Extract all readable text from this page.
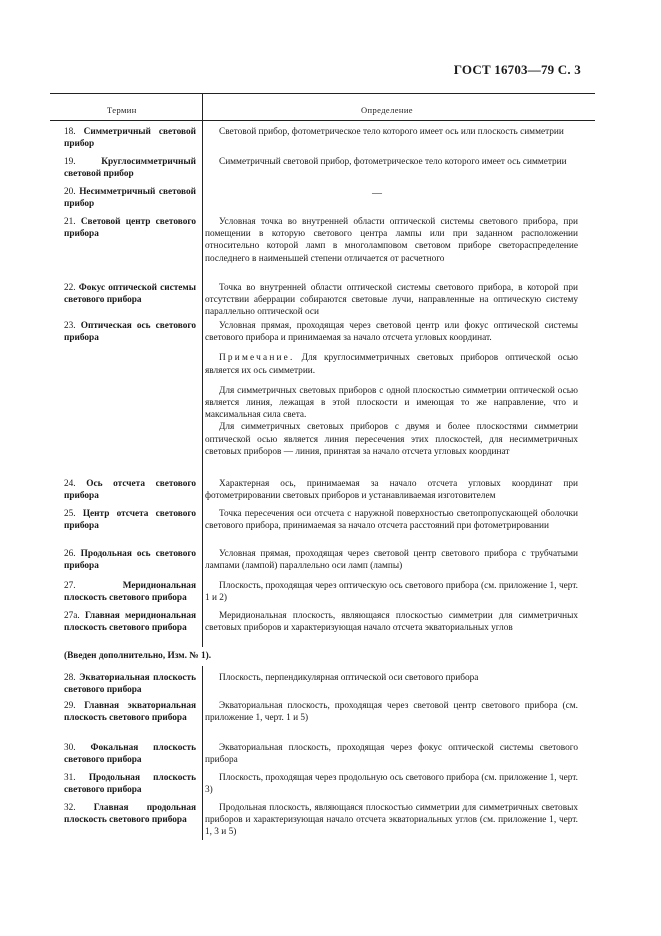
ГОСТ 16703—79 С. 3
Термин	Определение
18. Симметричный световой прибор

Световой прибор, фотометрическое тело которого имеет ось или плоскость симметрии

19.	Круглосимметричный световой прибор

Симметричный световой прибор, фотометрическое тело которого имеет ось симметрии

20. Несимметричный световой прибор
—
21. Световой центр светового прибора

Условная точка во внутренней области оптической системы светового прибора, при помещении в которую светового центра лампы или при заданном расположении относительно которой ламп в многоламповом световом приборе светораспределение последнего в наименьшей степени отличается от расчетного

22. Фокус оптической системы светового прибора

Точка во внутренней области оптической системы светового прибора, в которой при отсутствии аберрации собираются световые лучи, направленные на оптическую систему параллельно оптической оси

23. Оптическая ось светового прибора

Условная прямая, проходящая через световой центр или фокус оптической системы светового прибора и принимаемая за начало отсчета угловых координат.

Примечание. Для круглосимметричных световых приборов оптической осью является их ось симметрии.

Для симметричных световых приборов с одной плоскостью симметрии оптической осью является линия, лежащая в этой плоскости и имеющая то же направление, что и максимальная сила света.

Для симметричных световых приборов с двумя и более плоскостями симметрии оптической осью является линия пересечения этих плоскостей, для несимметричных световых приборов — линия, принятая за начало отсчета угловых координат

24. Ось отсчета светового прибора

Характерная ось, принимаемая за начало отсчета угловых координат при фотометрировании световых приборов и устанавливаемая изготовителем

25. Центр отсчета светового прибора

Точка пересечения оси отсчета с наружной поверхностью светопропускающей оболочки светового прибора, принимаемая за начало отсчета расстояний при фотометрировании

26. Продольная ось светового прибора

Условная прямая, проходящая через световой центр светового прибора с трубчатыми лампами (лампой) параллельно оси ламп (лампы)

27.	Меридиональная плоскость светового прибора

Плоскость, проходящая через оптическую ось светового прибора (см. приложение 1, черт. 1 и 2)

27а. Главная меридиональная плоскость светового прибора

Меридиональная плоскость, являющаяся плоскостью симметрии для симметричных световых приборов и характеризующая начало отсчета экваториальных углов

(Введен дополнительно, Изм. № 1).
28. Экваториальная плоскость светового прибора

Плоскость, перпендикулярная оптической оси светового прибора

29. Главная экваториальная плоскость светового прибора

Экваториальная плоскость, проходящая через световой центр светового прибора (см. приложение 1, черт. 1 и 5)

30. Фокальная плоскость светового прибора

Экваториальная плоскость, проходящая через фокус оптической системы светового прибора

31. Продольная плоскость светового прибора

Плоскость, проходящая через продольную ось светового прибора (см. приложение 1, черт. 3)

32. Главная продольная плоскость светового прибора

Продольная плоскость, являющаяся плоскостью симметрии для симметричных световых приборов и характеризующая начало отсчета экваториальных углов (см. приложение 1, черт. 1, 3 и 5)
